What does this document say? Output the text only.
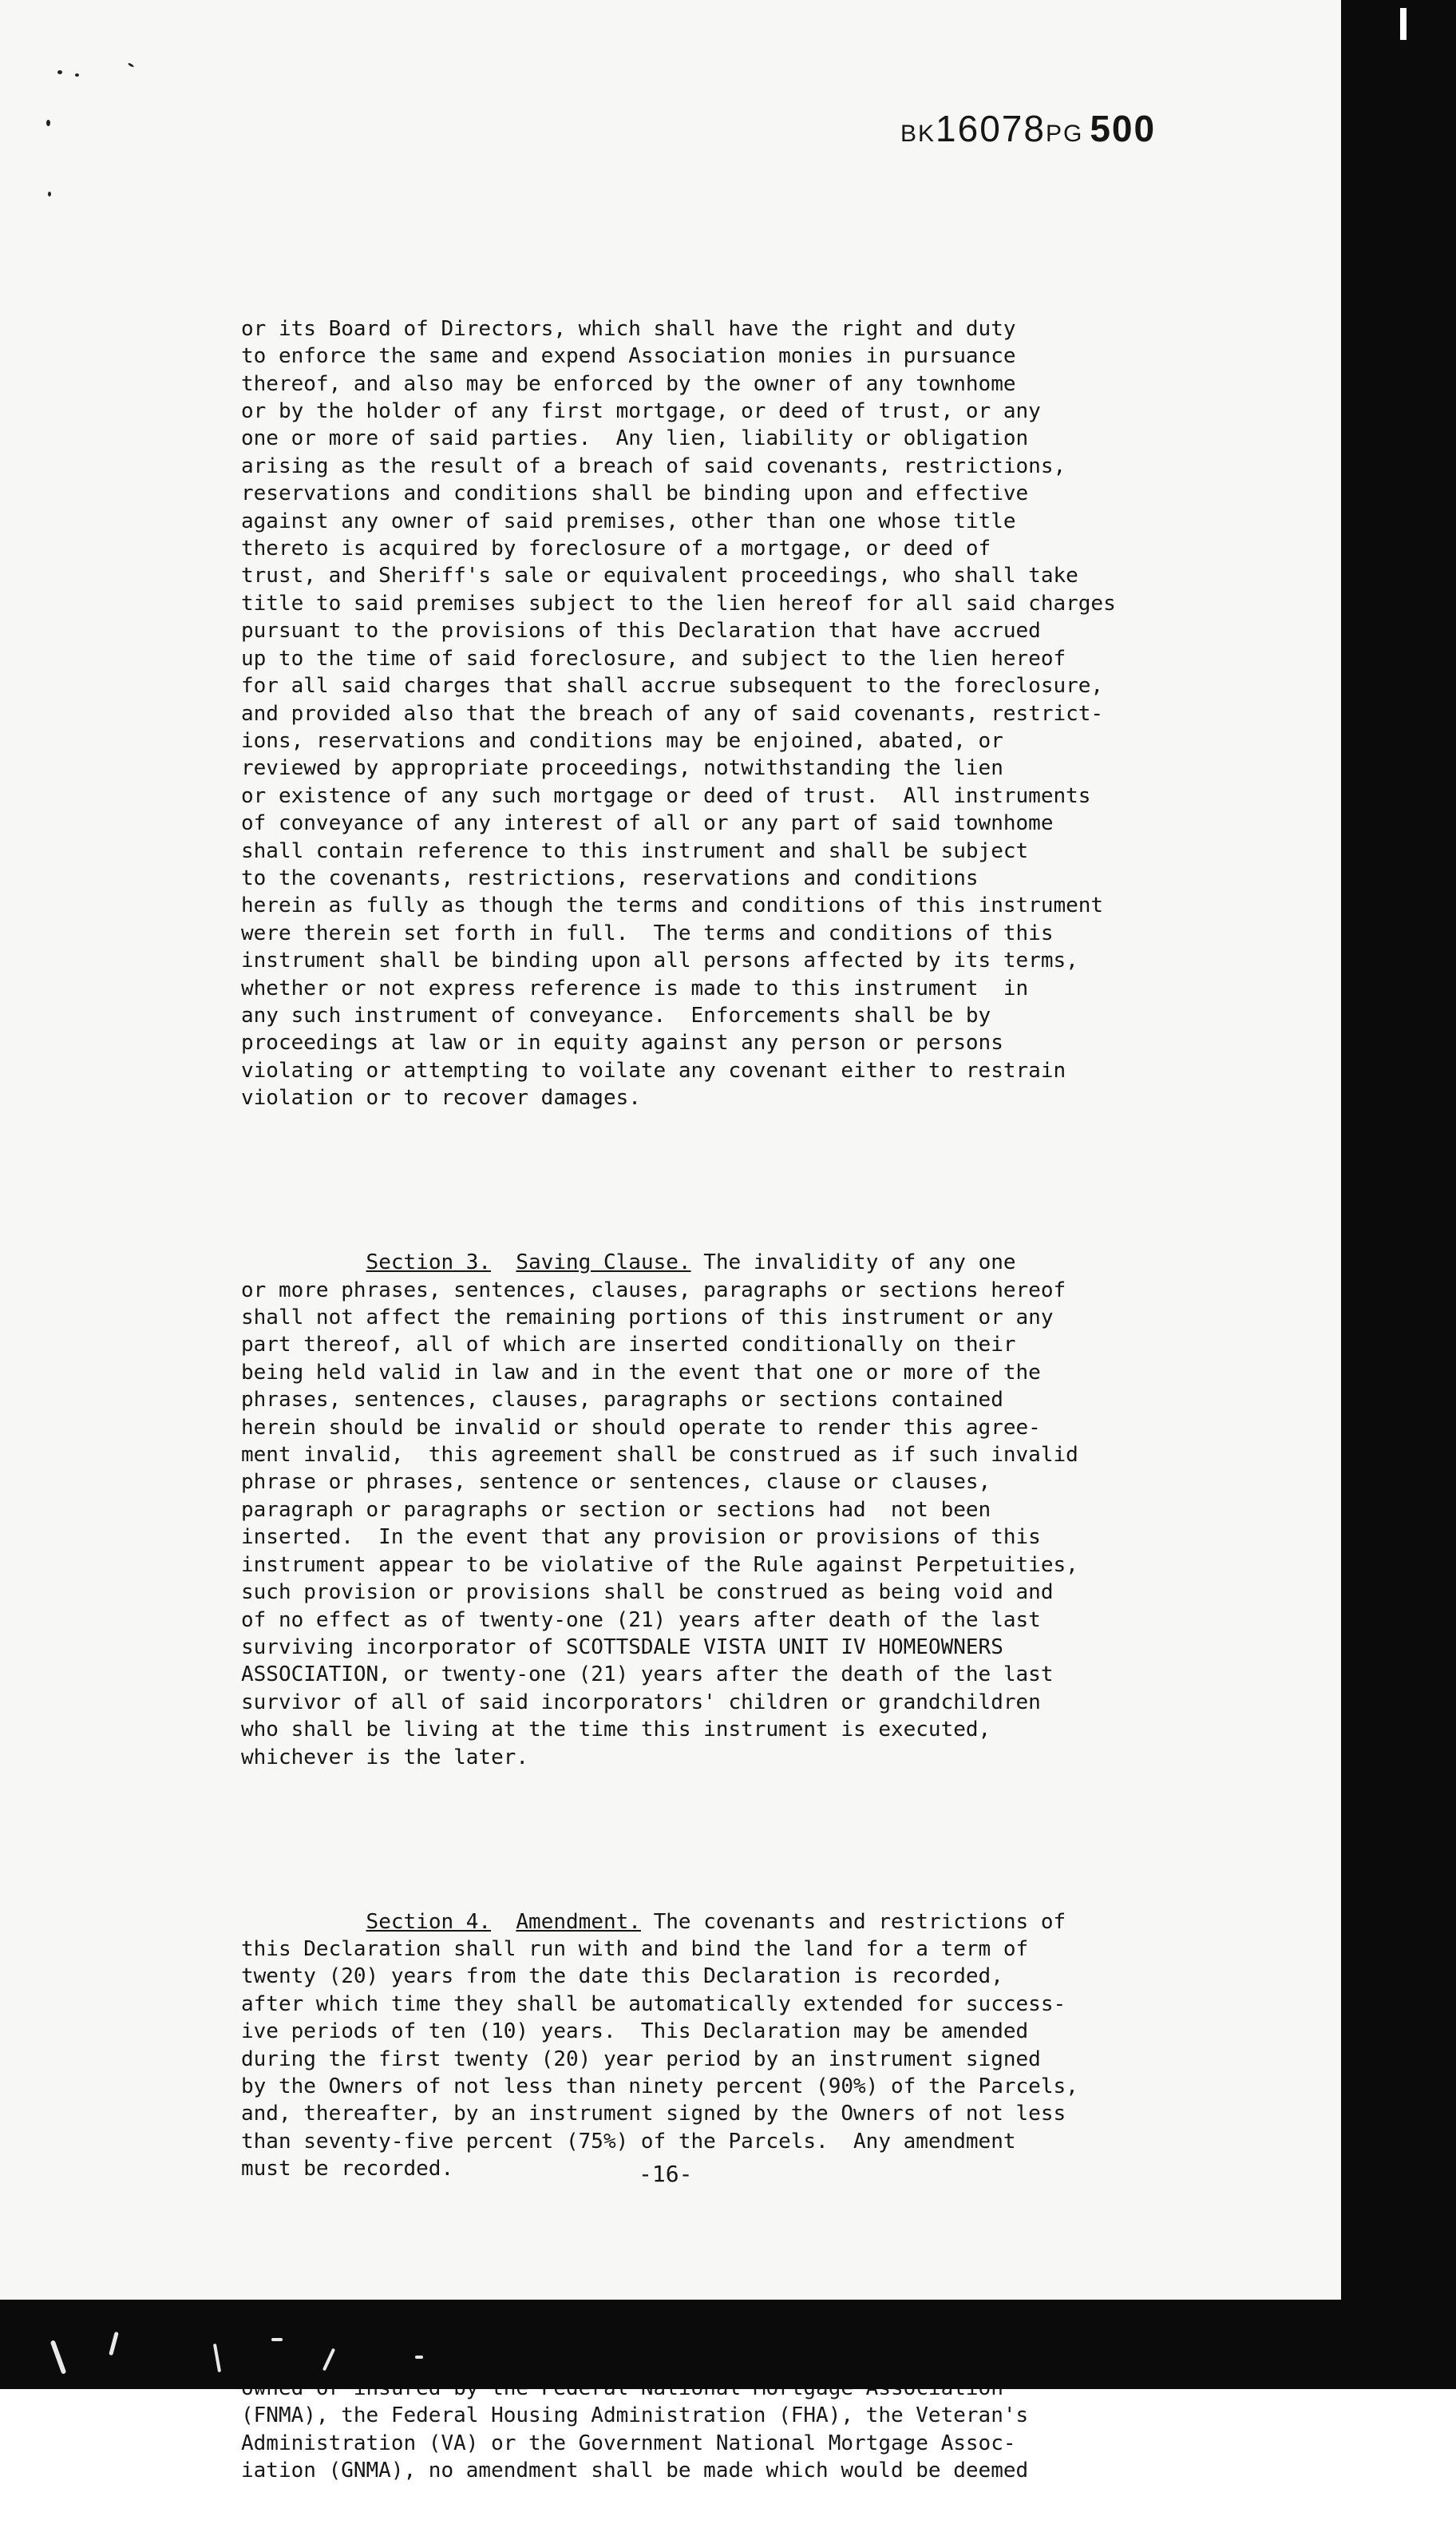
BK16078PG 500

or its Board of Directors, which shall have the right and duty
to enforce the same and expend Association monies in pursuance
thereof, and also may be enforced by the owner of any townhome
or by the holder of any first mortgage, or deed of trust, or any
one or more of said parties.  Any lien, liability or obligation
arising as the result of a breach of said covenants, restrictions,
reservations and conditions shall be binding upon and effective
against any owner of said premises, other than one whose title
thereto is acquired by foreclosure of a mortgage, or deed of
trust, and Sheriff's sale or equivalent proceedings, who shall take
title to said premises subject to the lien hereof for all said charges
pursuant to the provisions of this Declaration that have accrued
up to the time of said foreclosure, and subject to the lien hereof
for all said charges that shall accrue subsequent to the foreclosure,
and provided also that the breach of any of said covenants, restrict-
ions, reservations and conditions may be enjoined, abated, or
reviewed by appropriate proceedings, notwithstanding the lien
or existence of any such mortgage or deed of trust.  All instruments
of conveyance of any interest of all or any part of said townhome
shall contain reference to this instrument and shall be subject
to the covenants, restrictions, reservations and conditions
herein as fully as though the terms and conditions of this instrument
were therein set forth in full.  The terms and conditions of this
instrument shall be binding upon all persons affected by its terms,
whether or not express reference is made to this instrument  in
any such instrument of conveyance.  Enforcements shall be by
proceedings at law or in equity against any person or persons
violating or attempting to voilate any covenant either to restrain
violation or to recover damages.

Section 3. Saving Clause. The invalidity of any one
or more phrases, sentences, clauses, paragraphs or sections hereof
shall not affect the remaining portions of this instrument or any
part thereof, all of which are inserted conditionally on their
being held valid in law and in the event that one or more of the
phrases, sentences, clauses, paragraphs or sections contained
herein should be invalid or should operate to render this agree-
ment invalid,  this agreement shall be construed as if such invalid
phrase or phrases, sentence or sentences, clause or clauses,
paragraph or paragraphs or section or sections had  not been
inserted.  In the event that any provision or provisions of this
instrument appear to be violative of the Rule against Perpetuities,
such provision or provisions shall be construed as being void and
of no effect as of twenty-one (21) years after death of the last
surviving incorporator of SCOTTSDALE VISTA UNIT IV HOMEOWNERS
ASSOCIATION, or twenty-one (21) years after the death of the last
survivor of all of said incorporators' children or grandchildren
who shall be living at the time this instrument is executed,
whichever is the later.

Section 4. Amendment. The covenants and restrictions of
this Declaration shall run with and bind the land for a term of
twenty (20) years from the date this Declaration is recorded,
after which time they shall be automatically extended for success-
ive periods of ten (10) years.  This Declaration may be amended
during the first twenty (20) year period by an instrument signed
by the Owners of not less than ninety percent (90%) of the Parcels,
and, thereafter, by an instrument signed by the Owners of not less
than seventy-five percent (75%) of the Parcels.  Any amendment
must be recorded.

(FNMA), the Federal Housing Administration (FHA), the Veteran's
Administration (VA) or the Government National Mortgage Assoc-
iation (GNMA), no amendment shall be made which would be deemed

-16-
